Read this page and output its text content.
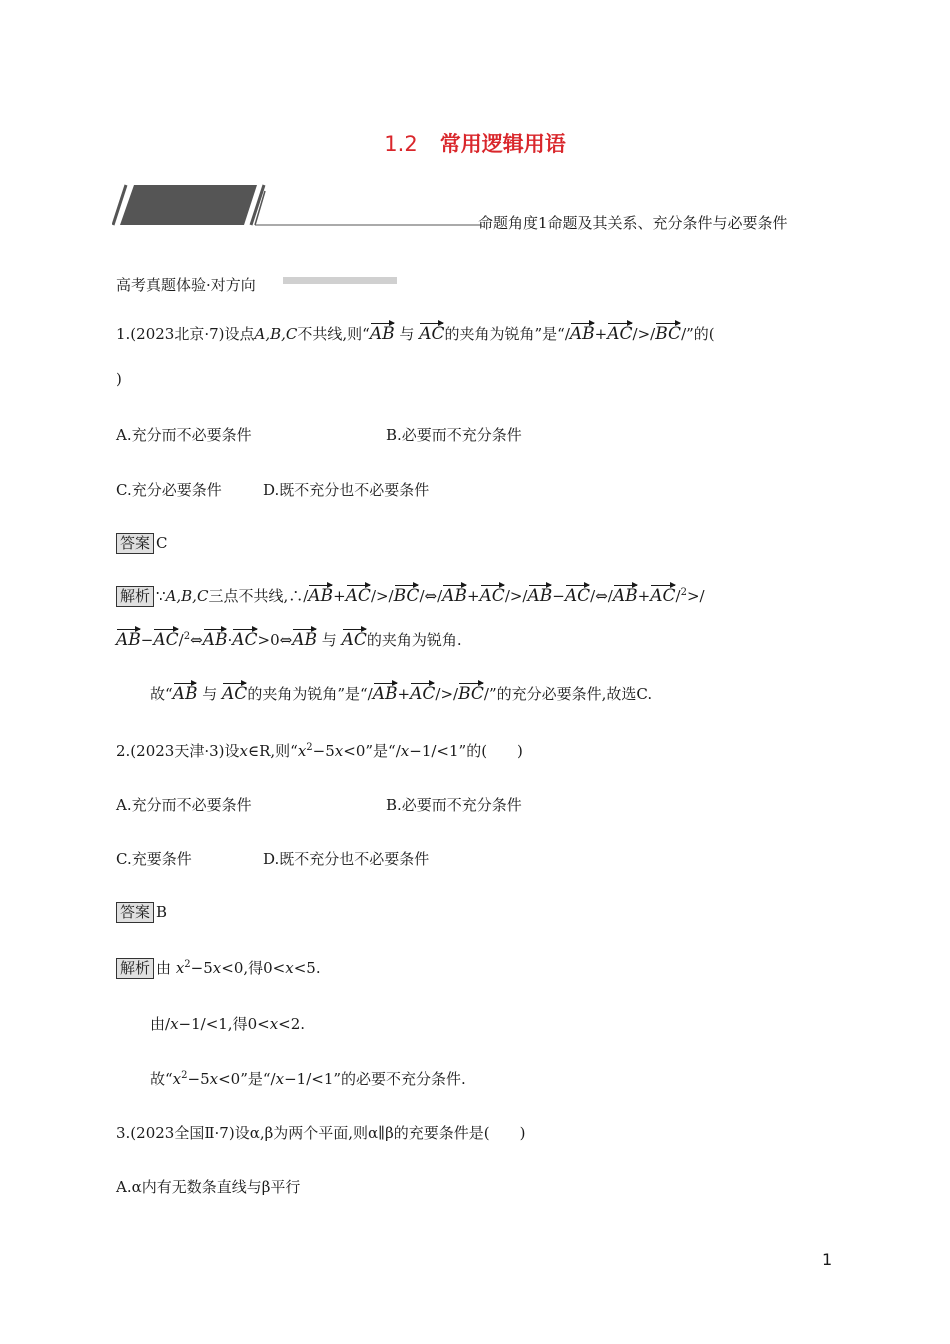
1.2 常用逻辑用语
命题角度1命题及其关系、充分条件与必要条件
高考真题体验·对方向
1.(2023北京·7)设点A,B,C不共线,则“AB 与 AC的夹角为锐角”是“/AB+AC/>/BC/”的(
)
A.充分而不必要条件	B.必要而不充分条件
C.充分必要条件	D.既不充分也不必要条件
答案 C
解析 ∵A,B,C三点不共线,∴/AB+AC/>/BC/⇔/AB+AC/>/AB−AC/⇔/AB+AC/$^2$>/
AB−AC/$^2$⇔AB·AC>0⇔AB 与 AC的夹角为锐角.
故“AB 与 AC的夹角为锐角”是“/AB+AC/>/BC/”的充分必要条件,故选C.
2.(2023天津·3)设x∈R,则“$x^2-5x<0$”是“/x−1/<1”的(　　)
A.充分而不必要条件	B.必要而不充分条件
C.充要条件	D.既不充分也不必要条件
答案 B
解析 由 $x^2-5x<0$,得0<x<5.
由/x−1/<1,得0<x<2.
故“$x^2-5x<0$”是“/x−1/<1”的必要不充分条件.
3.(2023全国Ⅱ·7)设α,β为两个平面,则α∥β的充要条件是(　　)
A.α内有无数条直线与β平行
1
